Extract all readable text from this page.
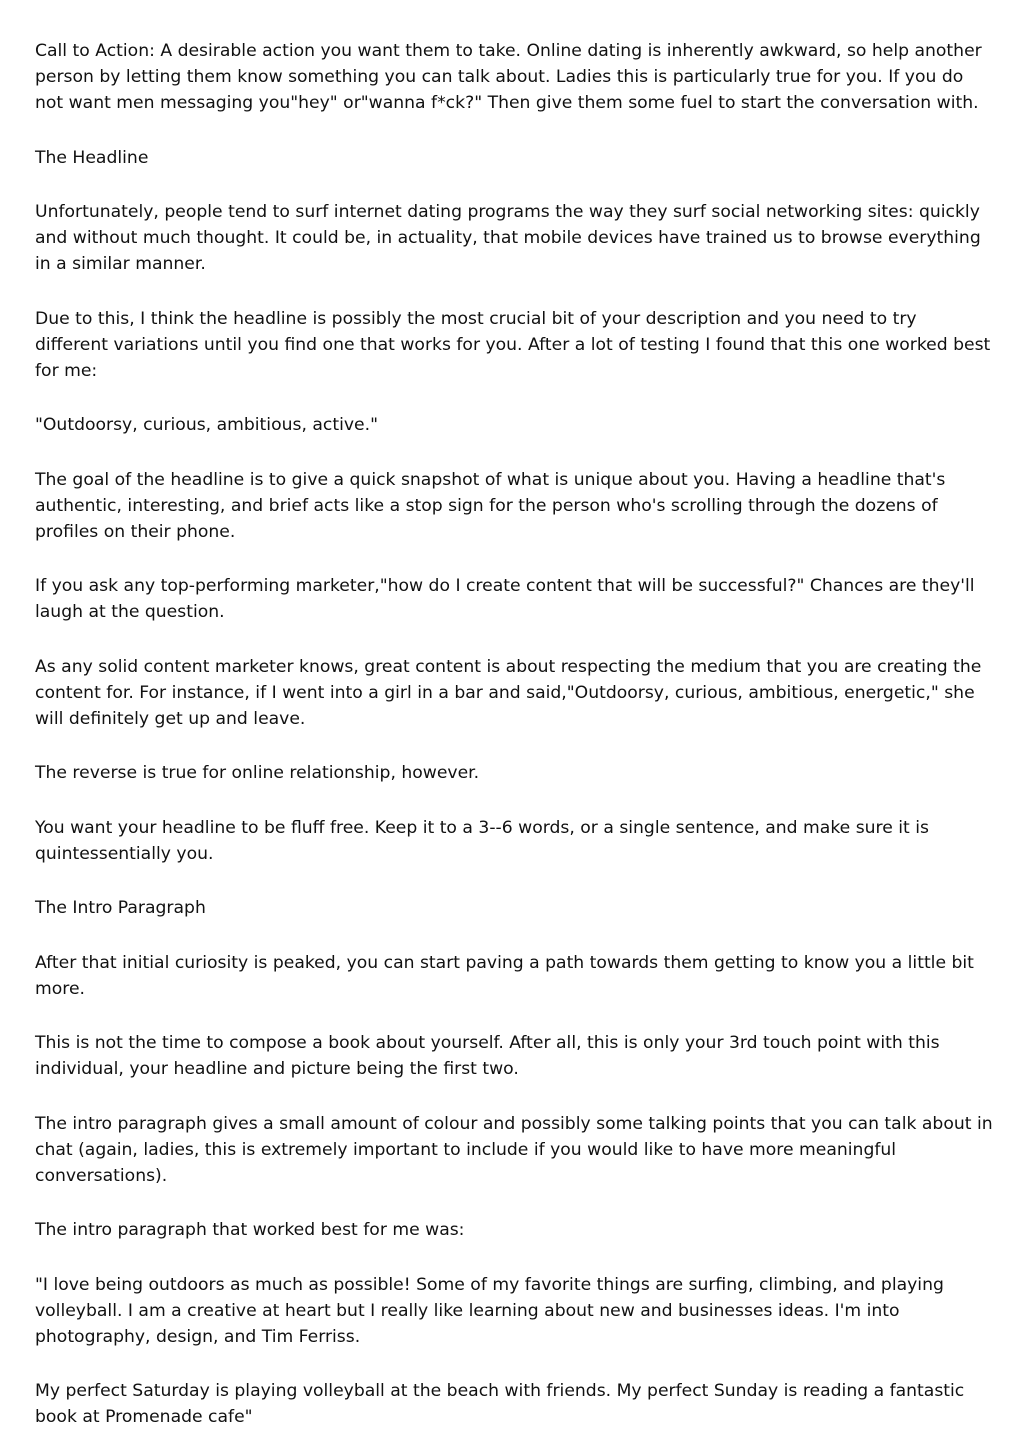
Call to Action: A desirable action you want them to take. Online dating is inherently awkward, so help another person by letting them know something you can talk about. Ladies this is particularly true for you. If you do not want men messaging you"hey" or"wanna f*ck?" Then give them some fuel to start the conversation with.

The Headline

Unfortunately, people tend to surf internet dating programs the way they surf social networking sites: quickly and without much thought. It could be, in actuality, that mobile devices have trained us to browse everything in a similar manner.

Due to this, I think the headline is possibly the most crucial bit of your description and you need to try different variations until you find one that works for you. After a lot of testing I found that this one worked best for me:

"Outdoorsy, curious, ambitious, active."

The goal of the headline is to give a quick snapshot of what is unique about you. Having a headline that's authentic, interesting, and brief acts like a stop sign for the person who's scrolling through the dozens of profiles on their phone.

If you ask any top-performing marketer,"how do I create content that will be successful?" Chances are they'll laugh at the question.

As any solid content marketer knows, great content is about respecting the medium that you are creating the content for. For instance, if I went into a girl in a bar and said,"Outdoorsy, curious, ambitious, energetic," she will definitely get up and leave.

The reverse is true for online relationship, however.

You want your headline to be fluff free. Keep it to a 3--6 words, or a single sentence, and make sure it is quintessentially you.

The Intro Paragraph

After that initial curiosity is peaked, you can start paving a path towards them getting to know you a little bit more.

This is not the time to compose a book about yourself. After all, this is only your 3rd touch point with this individual, your headline and picture being the first two.

The intro paragraph gives a small amount of colour and possibly some talking points that you can talk about in chat (again, ladies, this is extremely important to include if you would like to have more meaningful conversations).

The intro paragraph that worked best for me was:

"I love being outdoors as much as possible! Some of my favorite things are surfing, climbing, and playing volleyball. I am a creative at heart but I really like learning about new and businesses ideas. I'm into photography, design, and Tim Ferriss.

My perfect Saturday is playing volleyball at the beach with friends. My perfect Sunday is reading a fantastic book at Promenade cafe"
